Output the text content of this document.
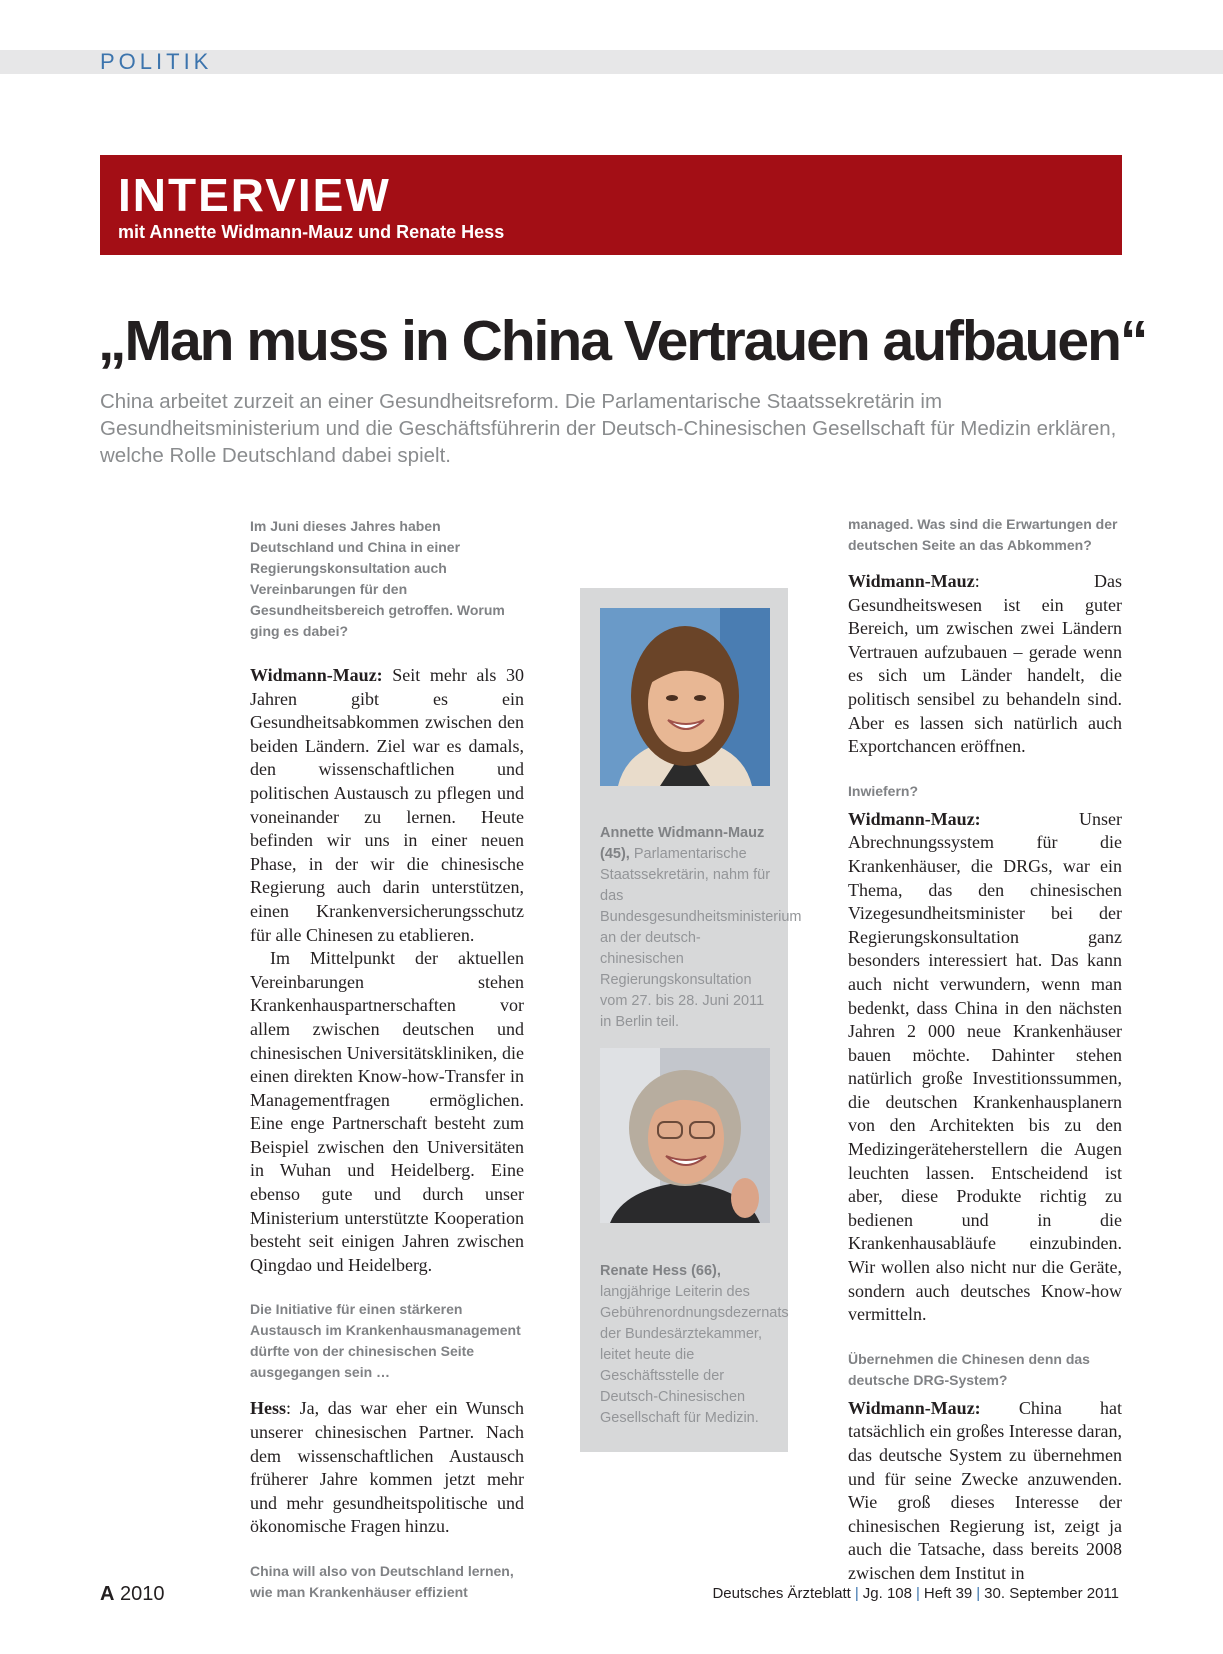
POLITIK
INTERVIEW
mit Annette Widmann-Mauz und Renate Hess
„Man muss in China Vertrauen aufbauen“
China arbeitet zurzeit an einer Gesundheitsreform. Die Parlamentarische Staatssekretärin im Gesundheitsministerium und die Geschäftsführerin der Deutsch-Chinesischen Gesellschaft für Medizin erklären, welche Rolle Deutschland dabei spielt.

Im Juni dieses Jahres haben Deutschland und China in einer Regierungskonsultation auch Vereinbarungen für den Gesundheitsbereich getroffen. Worum ging es dabei?

Widmann-Mauz: Seit mehr als 30 Jahren gibt es ein Gesundheitsabkommen zwischen den beiden Ländern. Ziel war es damals, den wissenschaftlichen und politischen Austausch zu pflegen und voneinander zu lernen. Heute befinden wir uns in einer neuen Phase, in der wir die chinesische Regierung auch darin unterstützen, einen Krankenversicherungsschutz für alle Chinesen zu etablieren.

Im Mittelpunkt der aktuellen Vereinbarungen stehen Krankenhauspartnerschaften vor allem zwischen deutschen und chinesischen Universitätskliniken, die einen direkten Know-how-Transfer in Managementfragen ermöglichen. Eine enge Partnerschaft besteht zum Beispiel zwischen den Universitäten in Wuhan und Heidelberg. Eine ebenso gute und durch unser Ministerium unterstützte Kooperation besteht seit einigen Jahren zwischen Qingdao und Heidelberg.

Die Initiative für einen stärkeren Austausch im Krankenhausmanagement dürfte von der chinesischen Seite ausgegangen sein …

Hess: Ja, das war eher ein Wunsch unserer chinesischen Partner. Nach dem wissenschaftlichen Austausch früherer Jahre kommen jetzt mehr und mehr gesundheitspolitische und ökonomische Fragen hinzu.

China will also von Deutschland lernen, wie man Krankenhäuser effizient

Annette Widmann-Mauz (45), Parlamentarische Staatssekretärin, nahm für das Bundesgesundheitsministerium an der deutsch-chinesischen Regierungskonsultation vom 27. bis 28. Juni 2011 in Berlin teil.
Renate Hess (66), langjährige Leiterin des Gebührenordnungsdezernats der Bundesärztekammer, leitet heute die Geschäftsstelle der Deutsch-Chinesischen Gesellschaft für Medizin.

managed. Was sind die Erwartungen der deutschen Seite an das Abkommen?

Widmann-Mauz: Das Gesundheitswesen ist ein guter Bereich, um zwischen zwei Ländern Vertrauen aufzubauen – gerade wenn es sich um Länder handelt, die politisch sensibel zu behandeln sind. Aber es lassen sich natürlich auch Exportchancen eröffnen.

Inwiefern?

Widmann-Mauz: Unser Abrechnungssystem für die Krankenhäuser, die DRGs, war ein Thema, das den chinesischen Vizegesundheitsminister bei der Regierungskonsultation ganz besonders interessiert hat. Das kann auch nicht verwundern, wenn man bedenkt, dass China in den nächsten Jahren 2 000 neue Krankenhäuser bauen möchte. Dahinter stehen natürlich große Investitionssummen, die deutschen Krankenhausplanern von den Architekten bis zu den Medizingeräteherstellern die Augen leuchten lassen. Entscheidend ist aber, diese Produkte richtig zu bedienen und in die Krankenhausabläufe einzubinden. Wir wollen also nicht nur die Geräte, sondern auch deutsches Know-how vermitteln.

Übernehmen die Chinesen denn das deutsche DRG-System?

Widmann-Mauz: China hat tatsächlich ein großes Interesse daran, das deutsche System zu übernehmen und für seine Zwecke anzuwenden. Wie groß dieses Interesse der chinesischen Regierung ist, zeigt ja auch die Tatsache, dass bereits 2008 zwischen dem Institut in

A 2010	Deutsches Ärzteblatt | Jg. 108 | Heft 39 | 30. September 2011
